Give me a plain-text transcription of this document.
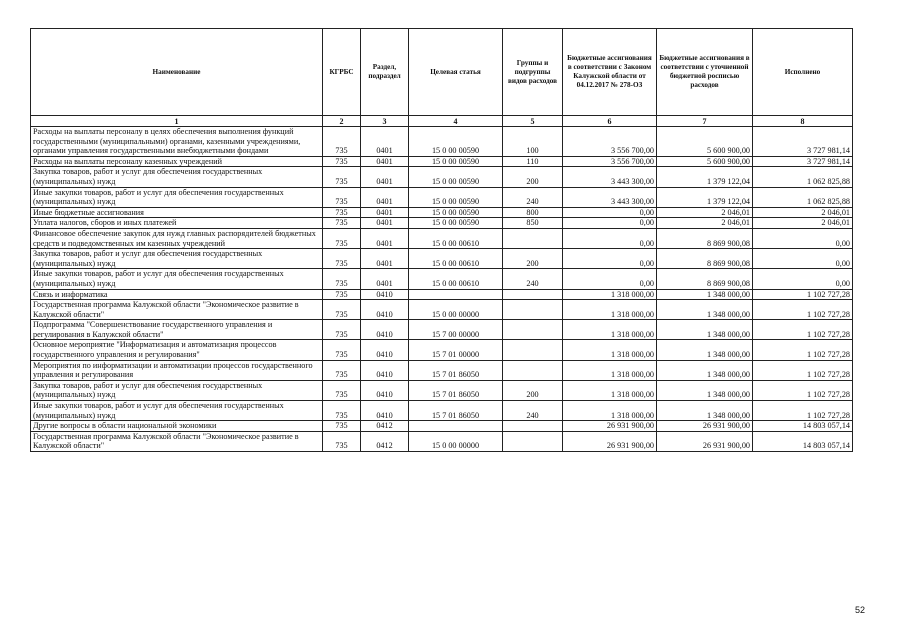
Наименование	КГРБС	Раздел, подраздел	Целевая статья	Группы и подгруппы видов расходов	Бюджетные ассигнования в соответствии с Законом Калужской области от 04.12.2017 № 278-ОЗ	Бюджетные ассигнования в соответствии с уточненной бюджетной росписью расходов	Исполнено
1	2	3	4	5	6	7	8
Расходы на выплаты персоналу в целях обеспечения выполнения функций государственными (муниципальными) органами, казенными учреждениями, органами управления государственными внебюджетными фондами	735	0401	15 0 00 00590	100	3 556 700,00	5 600 900,00	3 727 981,14
Расходы на выплаты персоналу казенных учреждений	735	0401	15 0 00 00590	110	3 556 700,00	5 600 900,00	3 727 981,14
Закупка товаров, работ и услуг для обеспечения государственных (муниципальных) нужд	735	0401	15 0 00 00590	200	3 443 300,00	1 379 122,04	1 062 825,88
Иные закупки товаров, работ и услуг для обеспечения государственных (муниципальных) нужд	735	0401	15 0 00 00590	240	3 443 300,00	1 379 122,04	1 062 825,88
Иные бюджетные ассигнования	735	0401	15 0 00 00590	800	0,00	2 046,01	2 046,01
Уплата налогов, сборов и иных платежей	735	0401	15 0 00 00590	850	0,00	2 046,01	2 046,01
Финансовое обеспечение закупок для нужд главных распорядителей бюджетных средств и подведомственных им казенных учреждений	735	0401	15 0 00 00610		0,00	8 869 900,08	0,00
Закупка товаров, работ и услуг для обеспечения государственных (муниципальных) нужд	735	0401	15 0 00 00610	200	0,00	8 869 900,08	0,00
Иные закупки товаров, работ и услуг для обеспечения государственных (муниципальных) нужд	735	0401	15 0 00 00610	240	0,00	8 869 900,08	0,00
Связь и информатика	735	0410			1 318 000,00	1 348 000,00	1 102 727,28
Государственная программа Калужской области "Экономическое развитие в Калужской области"	735	0410	15 0 00 00000		1 318 000,00	1 348 000,00	1 102 727,28
Подпрограмма "Совершенствование государственного управления и регулирования в Калужской области"	735	0410	15 7 00 00000		1 318 000,00	1 348 000,00	1 102 727,28
Основное мероприятие "Информатизация и автоматизация процессов государственного управления и регулирования"	735	0410	15 7 01 00000		1 318 000,00	1 348 000,00	1 102 727,28
Мероприятия по информатизации и автоматизации процессов государственного управления и регулирования	735	0410	15 7 01 86050		1 318 000,00	1 348 000,00	1 102 727,28
Закупка товаров, работ и услуг для обеспечения государственных (муниципальных) нужд	735	0410	15 7 01 86050	200	1 318 000,00	1 348 000,00	1 102 727,28
Иные закупки товаров, работ и услуг для обеспечения государственных (муниципальных) нужд	735	0410	15 7 01 86050	240	1 318 000,00	1 348 000,00	1 102 727,28
Другие вопросы в области национальной экономики	735	0412			26 931 900,00	26 931 900,00	14 803 057,14
Государственная программа Калужской области "Экономическое развитие в Калужской области"	735	0412	15 0 00 00000		26 931 900,00	26 931 900,00	14 803 057,14
52
